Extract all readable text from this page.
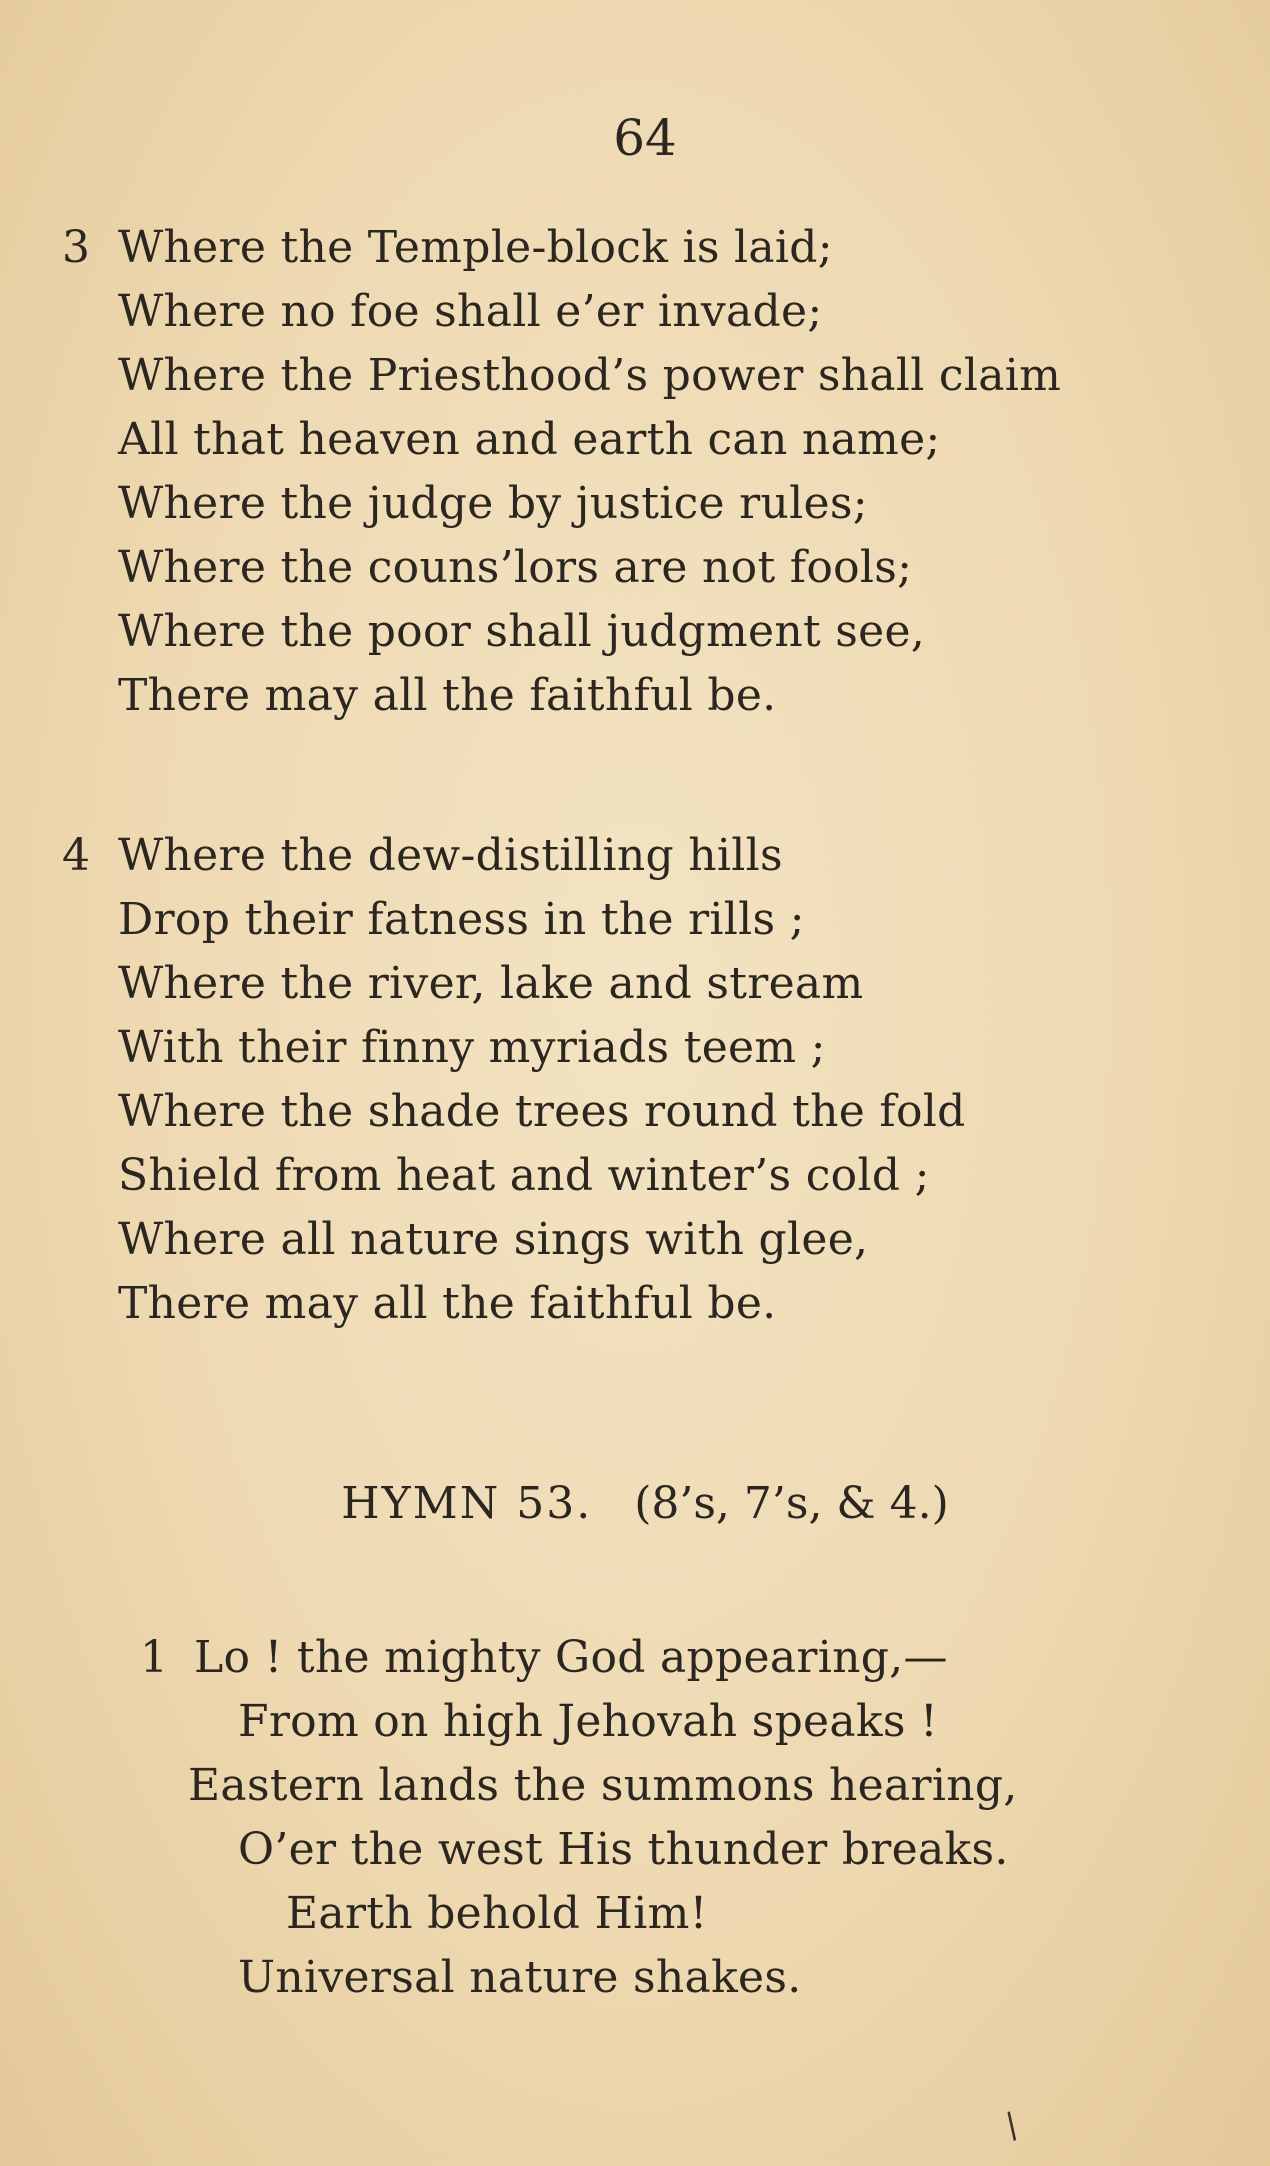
64
3 Where the Temple-block is laid;
Where no foe shall e’er invade;
Where the Priesthood’s power shall claim
All that heaven and earth can name;
Where the judge by justice rules;
Where the couns’lors are not fools;
Where the poor shall judgment see,
There may all the faithful be.
4 Where the dew-distilling hills
Drop their fatness in the rills ;
Where the river, lake and stream
With their finny myriads teem ;
Where the shade trees round the fold
Shield from heat and winter’s cold ;
Where all nature sings with glee,
There may all the faithful be.
HYMN 53. (8’s, 7’s, & 4.)
1 Lo ! the mighty God appearing,—
From on high Jehovah speaks !
Eastern lands the summons hearing,
O’er the west His thunder breaks.
Earth behold Him!
Universal nature shakes.
/
